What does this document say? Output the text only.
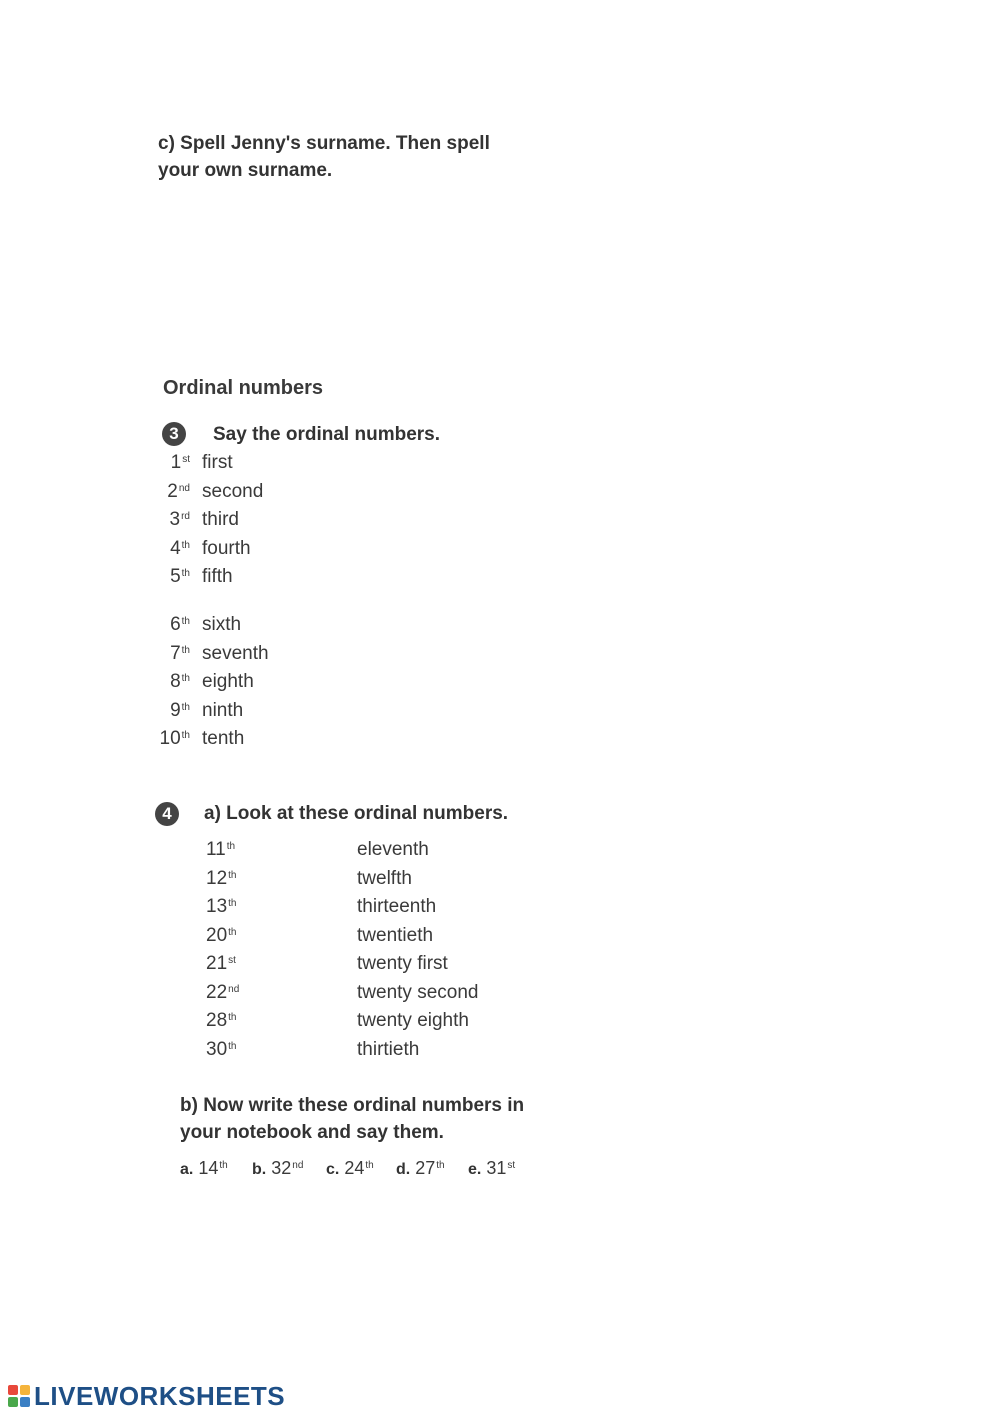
c) Spell Jenny's surname. Then spell
your own surname.
Ordinal numbers
3	Say the ordinal numbers.
1st first
2nd second
3rd third
4th fourth
5th fifth
6th sixth
7th seventh
8th eighth
9th ninth
10th tenth
4	a) Look at these ordinal numbers.
11th	eleventh
12th	twelfth
13th	thirteenth
20th	twentieth
21st	twenty first
22nd	twenty second
28th	twenty eighth
30th	thirtieth
b) Now write these ordinal numbers in
your notebook and say them.
a. 14th b. 32nd c. 24th d. 27th e. 31st
LIVEWORKSHEETS
